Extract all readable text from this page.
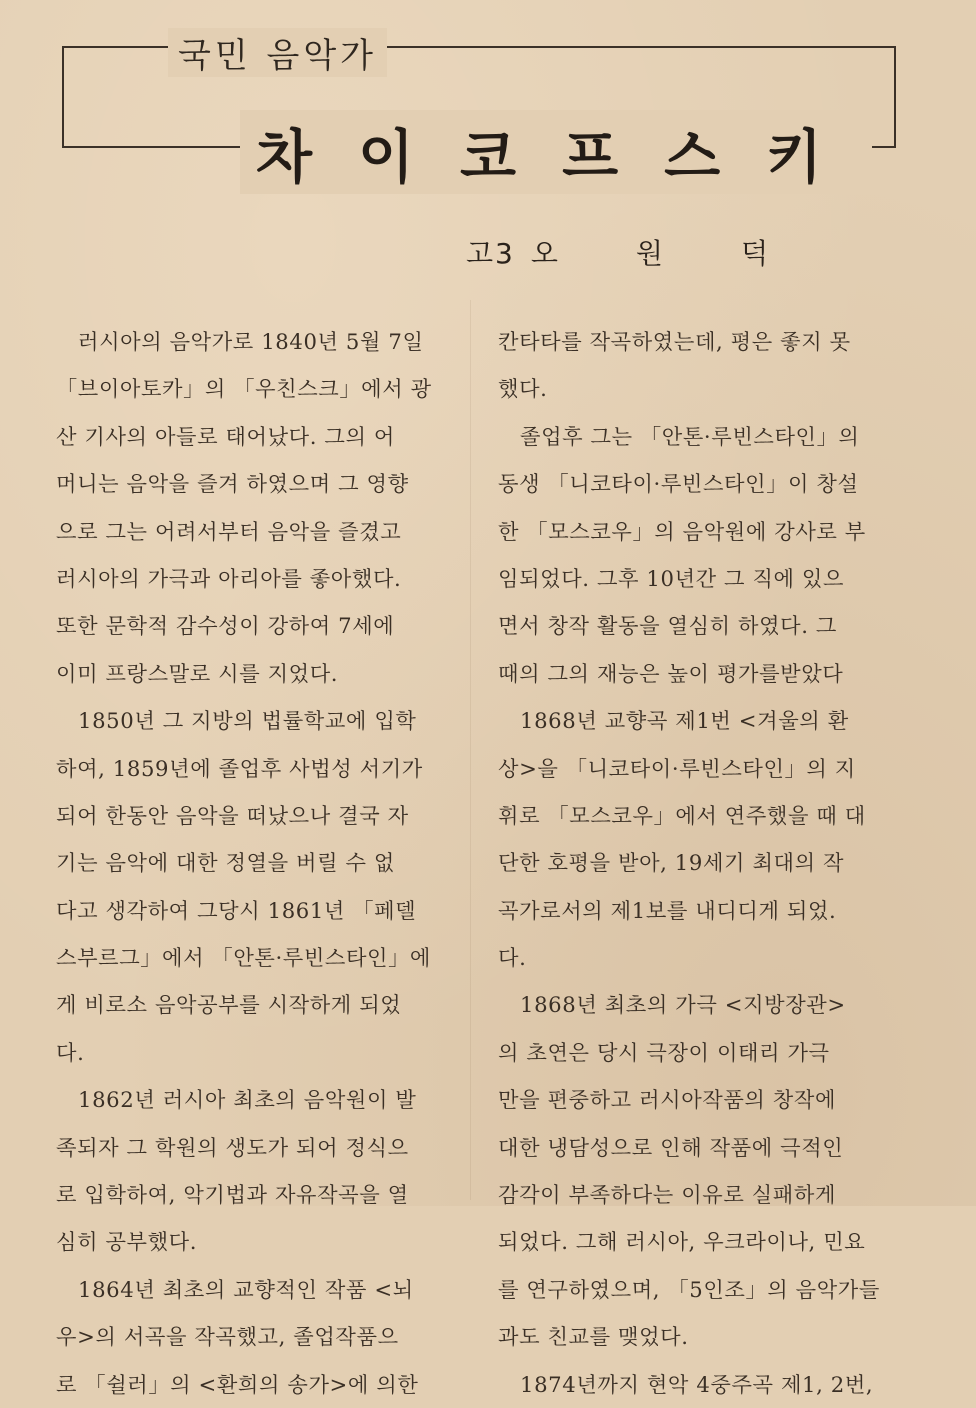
국민 음악가
차이코프스키
고3 오원덕
러시아의 음악가로 1840년 5월 7일
「브이아토카」의 「우친스크」에서 광
산 기사의 아들로 태어났다. 그의 어
머니는 음악을 즐겨 하였으며 그 영향
으로 그는 어려서부터 음악을 즐겼고
러시아의 가극과 아리아를 좋아했다.
또한 문학적 감수성이 강하여 7세에
이미 프랑스말로 시를 지었다.
1850년 그 지방의 법률학교에 입학
하여, 1859년에 졸업후 사법성 서기가
되어 한동안 음악을 떠났으나 결국 자
기는 음악에 대한 정열을 버릴 수 없
다고 생각하여 그당시 1861년 「페델
스부르그」에서 「안톤·루빈스타인」에
게 비로소 음악공부를 시작하게 되었
다.
1862년 러시아 최초의 음악원이 발
족되자 그 학원의 생도가 되어 정식으
로 입학하여, 악기법과 자유작곡을 열
심히 공부했다.
1864년 최초의 교향적인 작품 <뇌
우>의 서곡을 작곡했고, 졸업작품으
로 「쉴러」의 <환희의 송가>에 의한
칸타타를 작곡하였는데, 평은 좋지 못
했다.
졸업후 그는 「안톤·루빈스타인」의
동생 「니코타이·루빈스타인」이 창설
한 「모스코우」의 음악원에 강사로 부
임되었다. 그후 10년간 그 직에 있으
면서 창작 활동을 열심히 하였다. 그
때의 그의 재능은 높이 평가를받았다
1868년 교향곡 제1번 <겨울의 환
상>을 「니코타이·루빈스타인」의 지
휘로 「모스코우」에서 연주했을 때 대
단한 호평을 받아, 19세기 최대의 작
곡가로서의 제1보를 내디디게 되었.
다.
1868년 최초의 가극 <지방장관>
의 초연은 당시 극장이 이태리 가극
만을 편중하고 러시아작품의 창작에
대한 냉담성으로 인해 작품에 극적인
감각이 부족하다는 이유로 실패하게
되었다. 그해 러시아, 우크라이나, 민요
를 연구하였으며, 「5인조」의 음악가들
과도 친교를 맺었다.
1874년까지 현악 4중주곡 제1, 2번,
